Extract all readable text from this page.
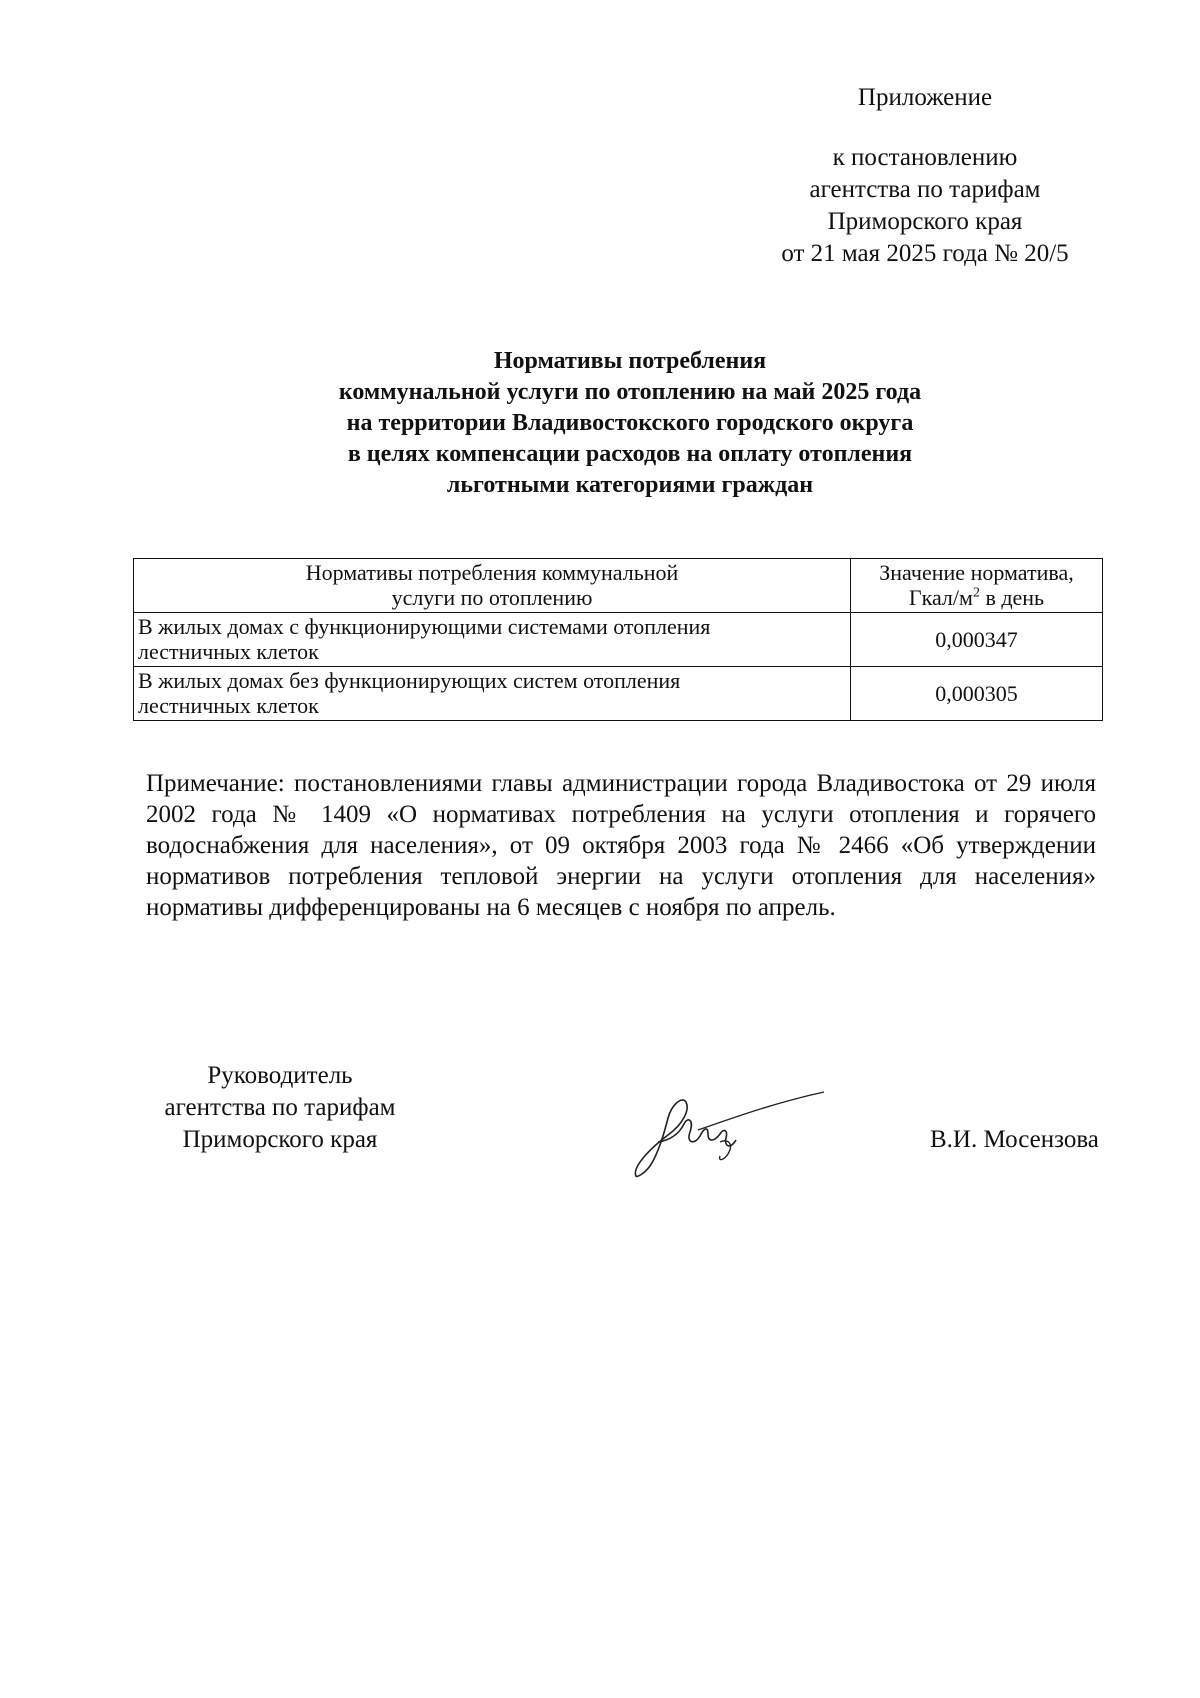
Приложение
к постановлению
агентства по тарифам
Приморского края
от 21 мая 2025 года № 20/5
Нормативы потребления
коммунальной услуги по отоплению на май 2025 года
на территории Владивостокского городского округа
в целях компенсации расходов на оплату отопления
льготными категориями граждан
Нормативы потребления коммунальной
услуги по отоплению	Значение норматива,
Гкал/$м^2$ в день

В жилых домах с функционирующими системами отопления
лестничных клеток	0,000347

В жилых домах без функционирующих систем отопления
лестничных клеток	0,000305
Примечание: постановлениями главы администрации города Владивостока от 29 июля 2002 года № 1409 «О нормативах потребления на услуги отопления и горячего водоснабжения для населения», от 09 октября 2003 года № 2466 «Об утверждении нормативов потребления тепловой энергии на услуги отопления для населения» нормативы дифференцированы на 6 месяцев с ноября по апрель.
Руководитель
агентства по тарифам
Приморского края	В.И. Мосензова
